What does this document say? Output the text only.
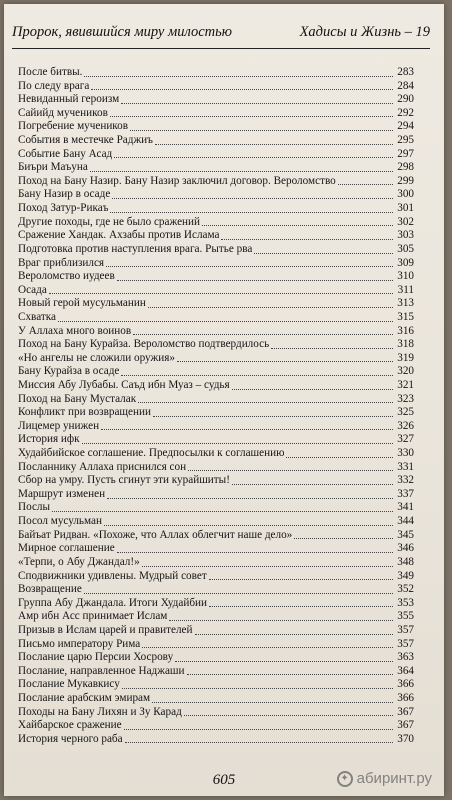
Пророк, явившийся миру милостью	Хадисы и Жизнь – 19
После битвы.	283
По следу врага	284
Невиданный героизм	290
Сайийд мучеников	292
Погребение мучеников	294
События в местечке Раджиъ	295
Событие Бану Асад	297
Биъри Маъуна	298
Поход на Бану Назир. Бану Назир заключил договор. Вероломство	299
Бану Назир в осаде	300
Поход Затур-Рикаъ	301
Другие походы, где не было сражений	302
Сражение Хандак. Ахзабы против Ислама	303
Подготовка против наступления врага. Рытье рва	305
Враг приблизился	309
Вероломство иудеев	310
Осада	311
Новый герой мусульманин	313
Схватка	315
У Аллаха много воинов	316
Поход на Бану Курайза. Вероломство подтвердилось	318
«Но ангелы не сложили оружия»	319
Бану Курайза в осаде	320
Миссия Абу Лубабы. Саъд ибн Муаз – судья	321
Поход на Бану Мусталак	323
Конфликт при возвращении	325
Лицемер унижен	326
История ифк	327
Худайбийское соглашение. Предпосылки к соглашению	330
Посланнику Аллаха приснился сон	331
Сбор на умру. Пусть сгинут эти курайшиты!	332
Маршрут изменен	337
Послы	341
Посол мусульман	344
Байъат Ридван. «Похоже, что Аллах облегчит наше дело»	345
Мирное соглашение	346
«Терпи, о Абу Джандал!»	348
Сподвижники удивлены. Мудрый совет	349
Возвращение	352
Группа Абу Джандала. Итоги Худайбии	353
Амр ибн Асс принимает Ислам	355
Призыв в Ислам царей и правителей	357
Письмо императору Рима	357
Послание царю Персии Хосрову	363
Послание, направленное Наджаши	364
Послание Мукавкису	366
Послание арабским эмирам	366
Походы на Бану Лихян и Зу Карад	367
Хайбарское сражение	367
История черного раба	370
605	✦ абиринт.ру
